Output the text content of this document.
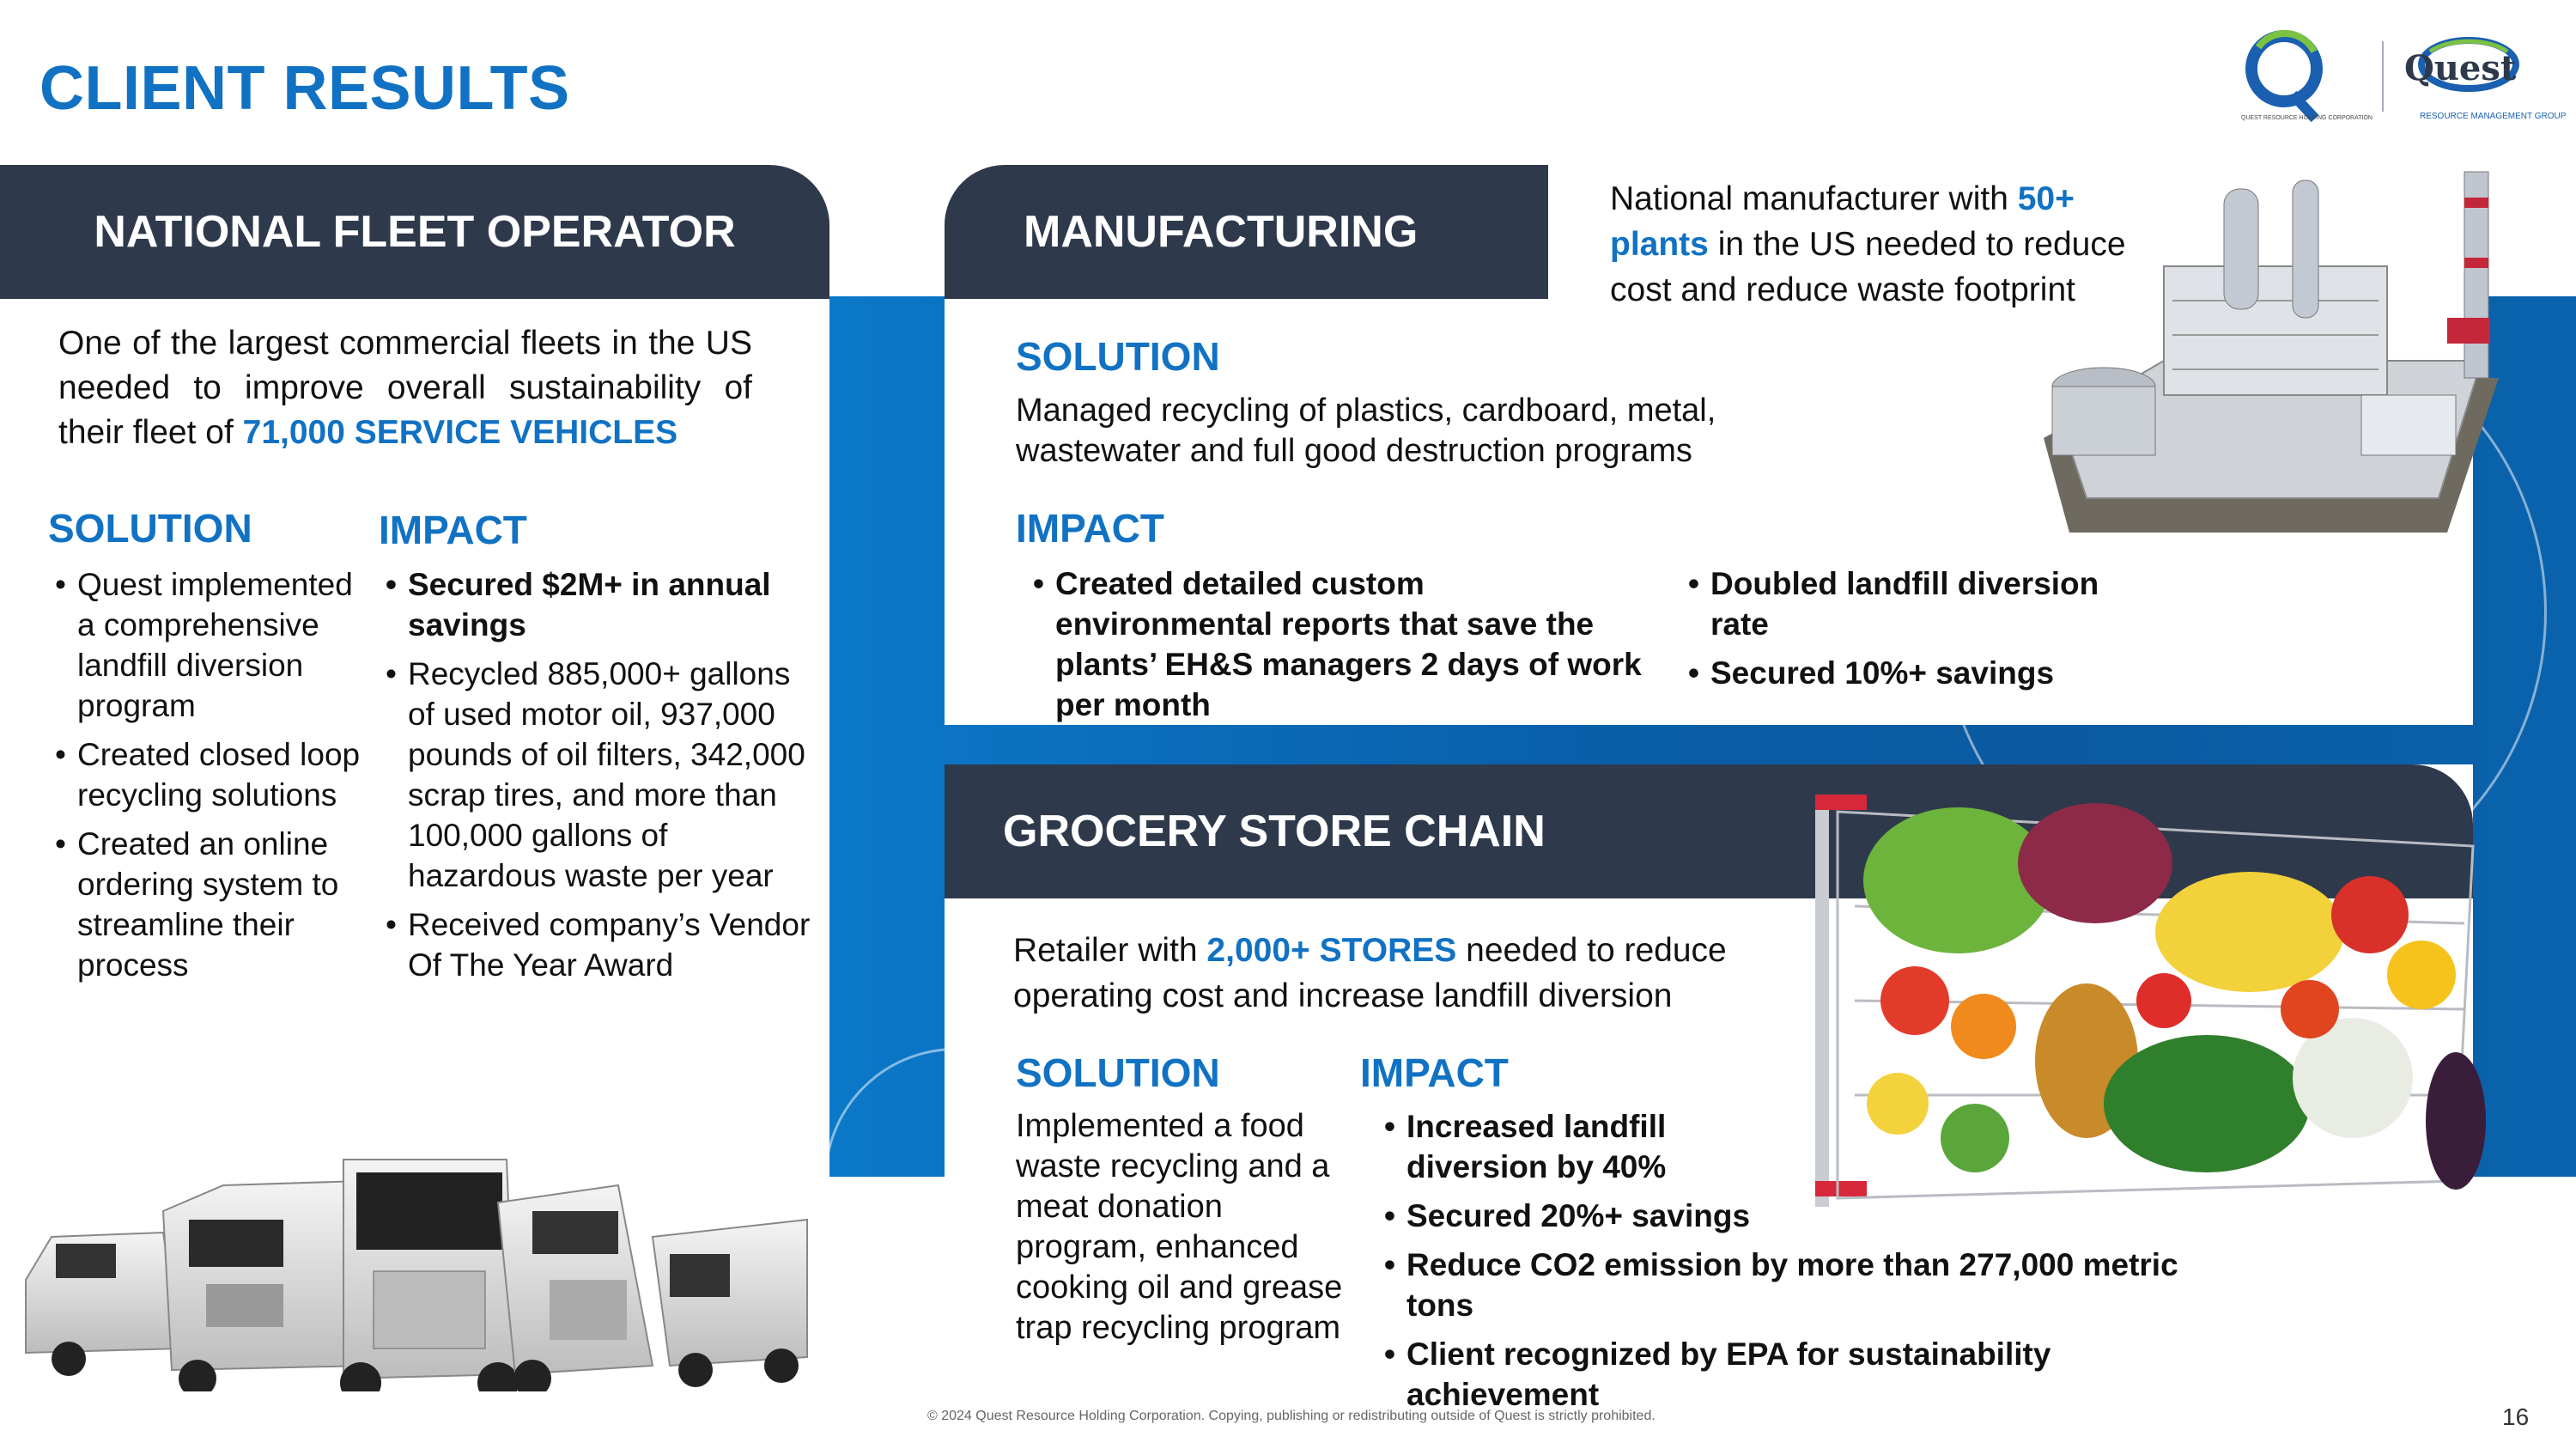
CLIENT RESULTS	Quest
QUEST RESOURCE HOLDING CORPORATION	RESOURCE MANAGEMENT GROUP
NATIONAL FLEET OPERATOR
One of the largest commercial fleets in the US needed to improve overall sustainability of their fleet of 71,000 SERVICE VEHICLES
SOLUTION	IMPACT
• Quest implemented a comprehensive landfill diversion program
• Created closed loop recycling solutions
• Created an online ordering system to streamline their process
• Secured $2M+ in annual savings
• Recycled 885,000+ gallons of used motor oil, 937,000 pounds of oil filters, 342,000 scrap tires, and more than 100,000 gallons of hazardous waste per year
• Received company’s Vendor Of The Year Award
MANUFACTURING
National manufacturer with 50+ plants in the US needed to reduce cost and reduce waste footprint
SOLUTION
Managed recycling of plastics, cardboard, metal, wastewater and full good destruction programs
IMPACT
• Created detailed custom environmental reports that save the plants’ EH&S managers 2 days of work per month
• Doubled landfill diversion rate
• Secured 10%+ savings
GROCERY STORE CHAIN
Retailer with 2,000+ STORES needed to reduce operating cost and increase landfill diversion
SOLUTION	IMPACT
Implemented a food waste recycling and a meat donation program, enhanced cooking oil and grease trap recycling program
• Increased landfill diversion by 40%
• Secured 20%+ savings
• Reduce CO2 emission by more than 277,000 metric tons
• Client recognized by EPA for sustainability achievement
© 2024 Quest Resource Holding Corporation. Copying, publishing or redistributing outside of Quest is strictly prohibited.	16
